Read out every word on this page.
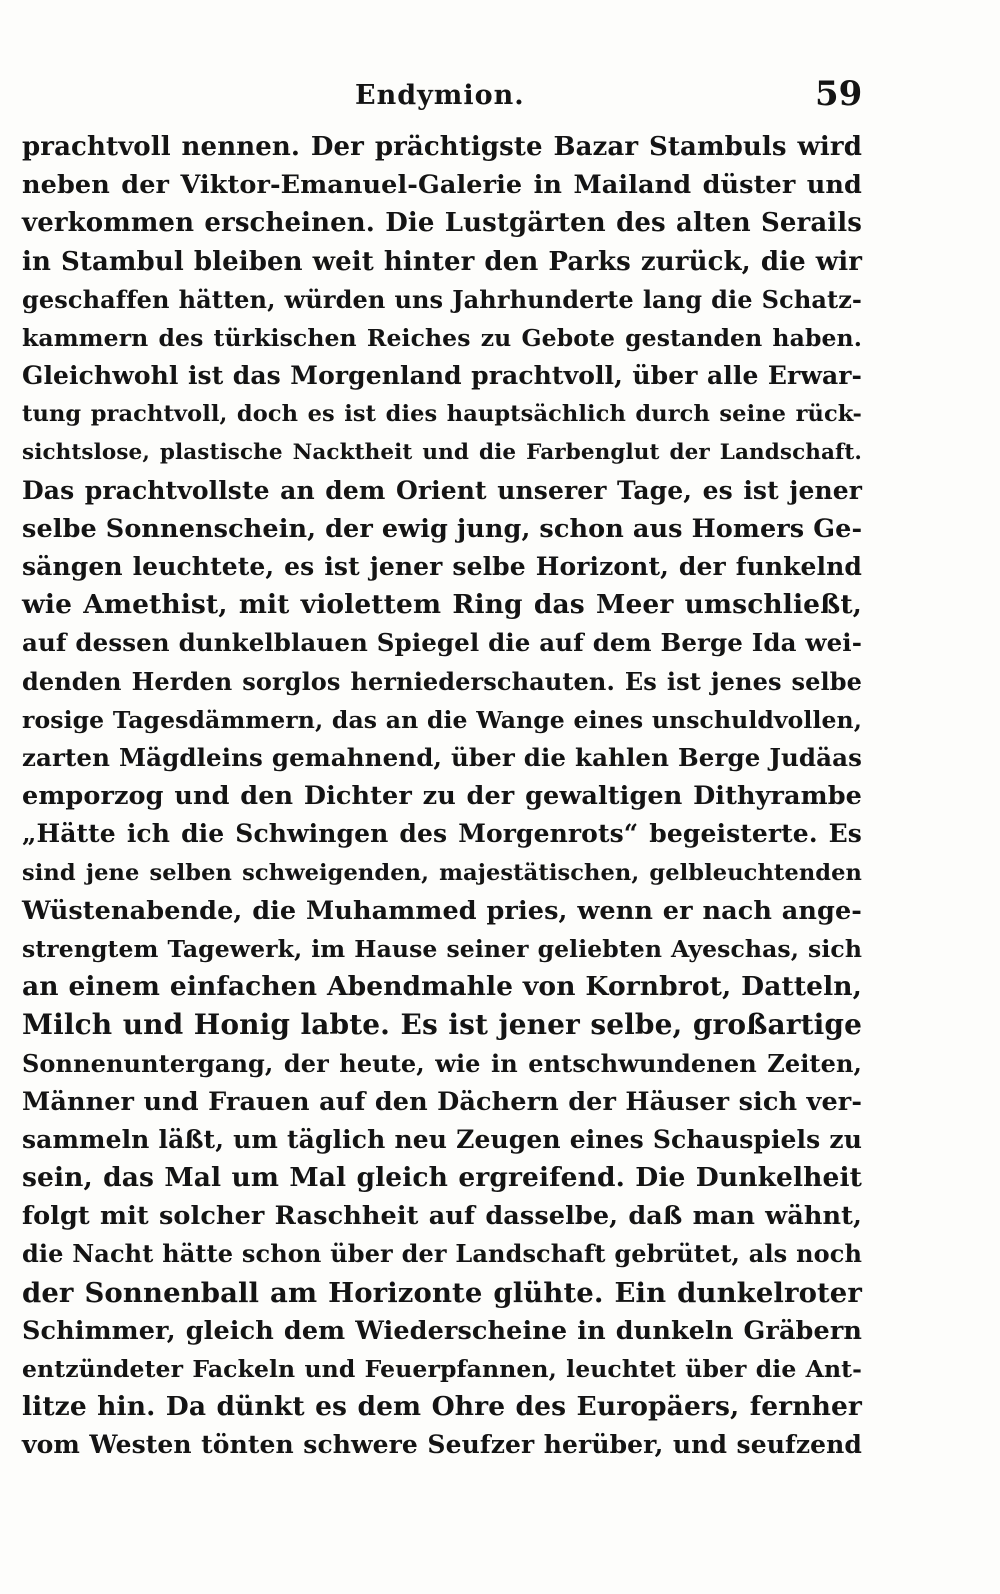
Endymion.	59
prachtvoll nennen. Der prächtigste Bazar Stambuls wird
neben der Viktor-Emanuel-Galerie in Mailand düster und
verkommen erscheinen. Die Lustgärten des alten Serails
in Stambul bleiben weit hinter den Parks zurück, die wir
geschaffen hätten, würden uns Jahrhunderte lang die Schatz-
kammern des türkischen Reiches zu Gebote gestanden haben.
Gleichwohl ist das Morgenland prachtvoll, über alle Erwar-
tung prachtvoll, doch es ist dies hauptsächlich durch seine rück-
sichtslose, plastische Nacktheit und die Farbenglut der Landschaft.
Das prachtvollste an dem Orient unserer Tage, es ist jener
selbe Sonnenschein, der ewig jung, schon aus Homers Ge-
sängen leuchtete, es ist jener selbe Horizont, der funkelnd
wie Amethist, mit violettem Ring das Meer umschließt,
auf dessen dunkelblauen Spiegel die auf dem Berge Ida wei-
denden Herden sorglos herniederschauten. Es ist jenes selbe
rosige Tagesdämmern, das an die Wange eines unschuldvollen,
zarten Mägdleins gemahnend, über die kahlen Berge Judäas
emporzog und den Dichter zu der gewaltigen Dithyrambe
„Hätte ich die Schwingen des Morgenrots“ begeisterte. Es
sind jene selben schweigenden, majestätischen, gelbleuchtenden
Wüstenabende, die Muhammed pries, wenn er nach ange-
strengtem Tagewerk, im Hause seiner geliebten Ayeschas, sich
an einem einfachen Abendmahle von Kornbrot, Datteln,
Milch und Honig labte. Es ist jener selbe, großartige
Sonnenuntergang, der heute, wie in entschwundenen Zeiten,
Männer und Frauen auf den Dächern der Häuser sich ver-
sammeln läßt, um täglich neu Zeugen eines Schauspiels zu
sein, das Mal um Mal gleich ergreifend. Die Dunkelheit
folgt mit solcher Raschheit auf dasselbe, daß man wähnt,
die Nacht hätte schon über der Landschaft gebrütet, als noch
der Sonnenball am Horizonte glühte. Ein dunkelroter
Schimmer, gleich dem Wiederscheine in dunkeln Gräbern
entzündeter Fackeln und Feuerpfannen, leuchtet über die Ant-
litze hin. Da dünkt es dem Ohre des Europäers, fernher
vom Westen tönten schwere Seufzer herüber, und seufzend
